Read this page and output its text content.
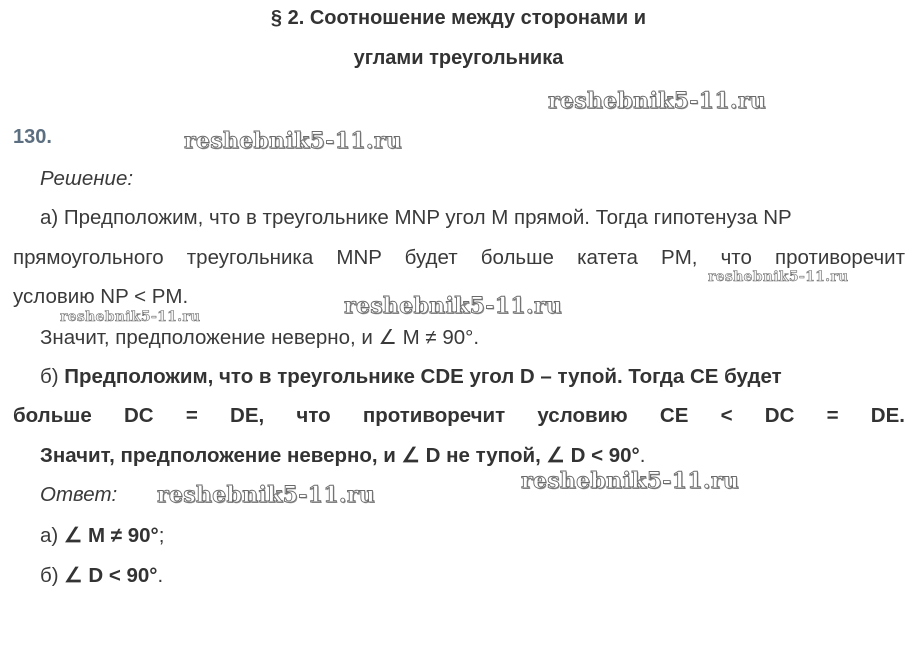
§ 2. Соотношение между сторонами и
углами треугольника
130.
Решение:
а) Предположим, что в треугольнике MNP угол M прямой. Тогда гипотенуза NP
прямоугольного треугольника MNP будет больше катета PM, что противоречит
условию NP < PM.
Значит, предположение неверно, и ∠ M ≠ 90°.
б) Предположим, что в треугольнике CDE угол D – тупой. Тогда CE будет
больше DC = DE, что противоречит условию CE < DC = DE.
Значит, предположение неверно, и ∠ D не тупой, ∠ D < 90°.
Ответ:
а) ∠ M ≠ 90°;
б) ∠ D < 90°.
reshebnik5-11.ru
reshebnik5-11.ru
reshebnik5-11.ru
reshebnik5-11.ru
reshebnik5-11.ru
reshebnik5-11.ru
reshebnik5-11.ru
